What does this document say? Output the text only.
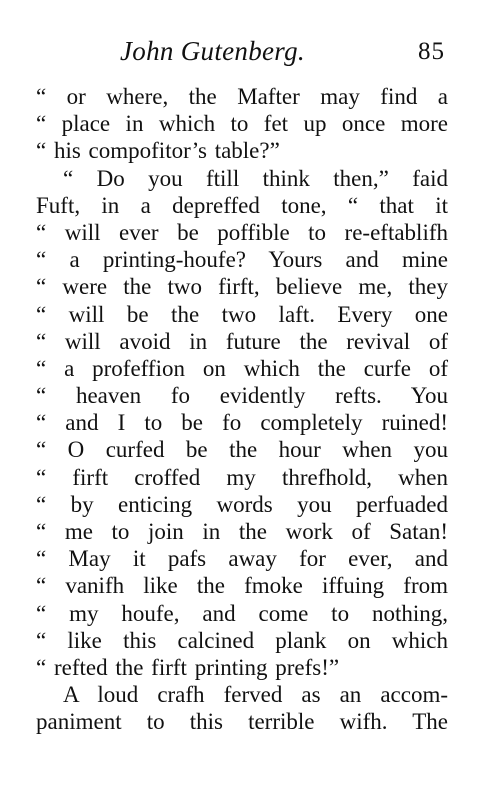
John Gutenberg.	85
“ or where, the Mafter may find a
“ place in which to fet up once more
“ his compofitor’s table?”
“ Do you ftill think then,” faid
Fuft, in a depreffed tone, “ that it
“ will ever be poffible to re-eftablifh
“ a printing-houfe? Yours and mine
“ were the two firft, believe me, they
“ will be the two laft. Every one
“ will avoid in future the revival of
“ a profeffion on which the curfe of
“ heaven fo evidently refts. You
“ and I to be fo completely ruined!
“ O curfed be the hour when you
“ firft croffed my threfhold, when
“ by enticing words you perfuaded
“ me to join in the work of Satan!
“ May it pafs away for ever, and
“ vanifh like the fmoke iffuing from
“ my houfe, and come to nothing,
“ like this calcined plank on which
“ refted the firft printing prefs!”
A loud crafh ferved as an accom-
paniment to this terrible wifh. The
